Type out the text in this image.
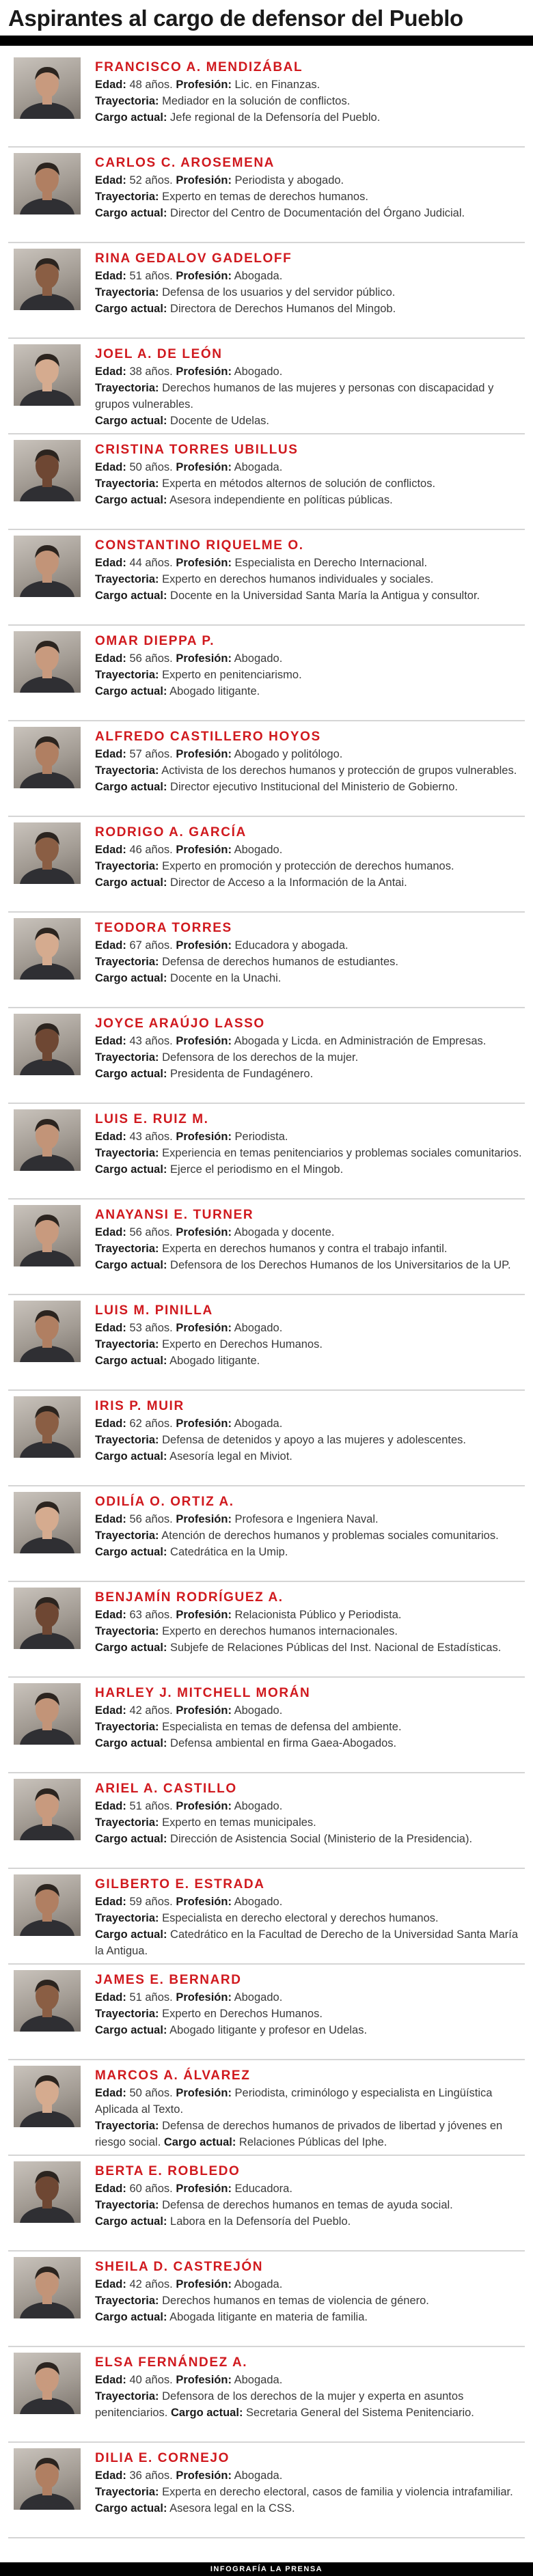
Aspirantes al cargo de defensor del Pueblo
FRANCISCO A. MENDIZÁBAL
Edad: 48 años. Profesión: Lic. en Finanzas.
Trayectoria: Mediador en la solución de conflictos.
Cargo actual: Jefe regional de la Defensoría del Pueblo.
CARLOS C. AROSEMENA
Edad: 52 años. Profesión: Periodista y abogado.
Trayectoria: Experto en temas de derechos humanos.
Cargo actual: Director del Centro de Documentación del Órgano Judicial.
RINA GEDALOV GADELOFF
Edad: 51 años. Profesión: Abogada.
Trayectoria: Defensa de los usuarios y del servidor público.
Cargo actual: Directora de Derechos Humanos del Mingob.
JOEL A. DE LEÓN
Edad: 38 años. Profesión: Abogado.
Trayectoria: Derechos humanos de las mujeres y personas con discapacidad y grupos vulnerables.
Cargo actual: Docente de Udelas.
CRISTINA TORRES UBILLUS
Edad: 50 años. Profesión: Abogada.
Trayectoria: Experta en métodos alternos de solución de conflictos.
Cargo actual: Asesora independiente en políticas públicas.
CONSTANTINO RIQUELME O.
Edad: 44 años. Profesión: Especialista en Derecho Internacional.
Trayectoria: Experto en derechos humanos individuales y sociales.
Cargo actual: Docente en la Universidad Santa María la Antigua y consultor.
OMAR DIEPPA P.
Edad: 56 años. Profesión: Abogado.
Trayectoria: Experto en penitenciarismo.
Cargo actual: Abogado litigante.
ALFREDO CASTILLERO HOYOS
Edad: 57 años. Profesión: Abogado y politólogo.
Trayectoria: Activista de los derechos humanos y protección de grupos vulnerables.
Cargo actual: Director ejecutivo Institucional del Ministerio de Gobierno.
RODRIGO A. GARCÍA
Edad: 46 años. Profesión: Abogado.
Trayectoria: Experto en promoción y protección de derechos humanos.
Cargo actual: Director de Acceso a la Información de la Antai.
TEODORA TORRES
Edad: 67 años. Profesión: Educadora y abogada.
Trayectoria: Defensa de derechos humanos de estudiantes.
Cargo actual: Docente en la Unachi.
JOYCE ARAÚJO LASSO
Edad: 43 años. Profesión: Abogada y Licda. en Administración de Empresas.
Trayectoria: Defensora de los derechos de la mujer.
Cargo actual: Presidenta de Fundagénero.
LUIS E. RUIZ M.
Edad: 43 años. Profesión: Periodista.
Trayectoria: Experiencia en temas penitenciarios y problemas sociales comunitarios. Cargo actual: Ejerce el periodismo en el Mingob.
ANAYANSI E. TURNER
Edad: 56 años. Profesión: Abogada y docente.
Trayectoria: Experta en derechos humanos y contra el trabajo infantil.
Cargo actual: Defensora de los Derechos Humanos de los Universitarios de la UP.
LUIS M. PINILLA
Edad: 53 años. Profesión: Abogado.
Trayectoria: Experto en Derechos Humanos.
Cargo actual: Abogado litigante.
IRIS P. MUIR
Edad: 62 años. Profesión: Abogada.
Trayectoria: Defensa de detenidos y apoyo a las mujeres y adolescentes.
Cargo actual: Asesoría legal en Miviot.
ODILÍA O. ORTIZ A.
Edad: 56 años. Profesión: Profesora e Ingeniera Naval.
Trayectoria: Atención de derechos humanos y problemas sociales comunitarios.
Cargo actual: Catedrática en la Umip.
BENJAMÍN RODRÍGUEZ A.
Edad: 63 años. Profesión: Relacionista Público y Periodista.
Trayectoria: Experto en derechos humanos internacionales.
Cargo actual: Subjefe de Relaciones Públicas del Inst. Nacional de Estadísticas.
HARLEY J. MITCHELL MORÁN
Edad: 42 años. Profesión: Abogado.
Trayectoria: Especialista en temas de defensa del ambiente.
Cargo actual: Defensa ambiental en firma Gaea-Abogados.
ARIEL A. CASTILLO
Edad: 51 años. Profesión: Abogado.
Trayectoria: Experto en temas municipales.
Cargo actual: Dirección de Asistencia Social (Ministerio de la Presidencia).
GILBERTO E. ESTRADA
Edad: 59 años. Profesión: Abogado.
Trayectoria: Especialista en derecho electoral y derechos humanos.
Cargo actual: Catedrático en la Facultad de Derecho de la Universidad Santa María la Antigua.
JAMES E. BERNARD
Edad: 51 años. Profesión: Abogado.
Trayectoria: Experto en Derechos Humanos.
Cargo actual: Abogado litigante y profesor en Udelas.
MARCOS A. ÁLVAREZ
Edad: 50 años. Profesión: Periodista, criminólogo y especialista en Lingüística Aplicada al Texto.
Trayectoria: Defensa de derechos humanos de privados de libertad y jóvenes en riesgo social. Cargo actual: Relaciones Públicas del Iphe.
BERTA E. ROBLEDO
Edad: 60 años. Profesión: Educadora.
Trayectoria: Defensa de derechos humanos en temas de ayuda social.
Cargo actual: Labora en la Defensoría del Pueblo.
SHEILA D. CASTREJÓN
Edad: 42 años. Profesión: Abogada.
Trayectoria: Derechos humanos en temas de violencia de género.
Cargo actual: Abogada litigante en materia de familia.
ELSA FERNÁNDEZ A.
Edad: 40 años. Profesión: Abogada.
Trayectoria: Defensora de los derechos de la mujer y experta en asuntos penitenciarios. Cargo actual: Secretaria General del Sistema Penitenciario.
DILIA E. CORNEJO
Edad: 36 años. Profesión: Abogada.
Trayectoria: Experta en derecho electoral, casos de familia y violencia intrafamiliar. Cargo actual: Asesora legal en la CSS.
INFOGRAFÍA LA PRENSA
